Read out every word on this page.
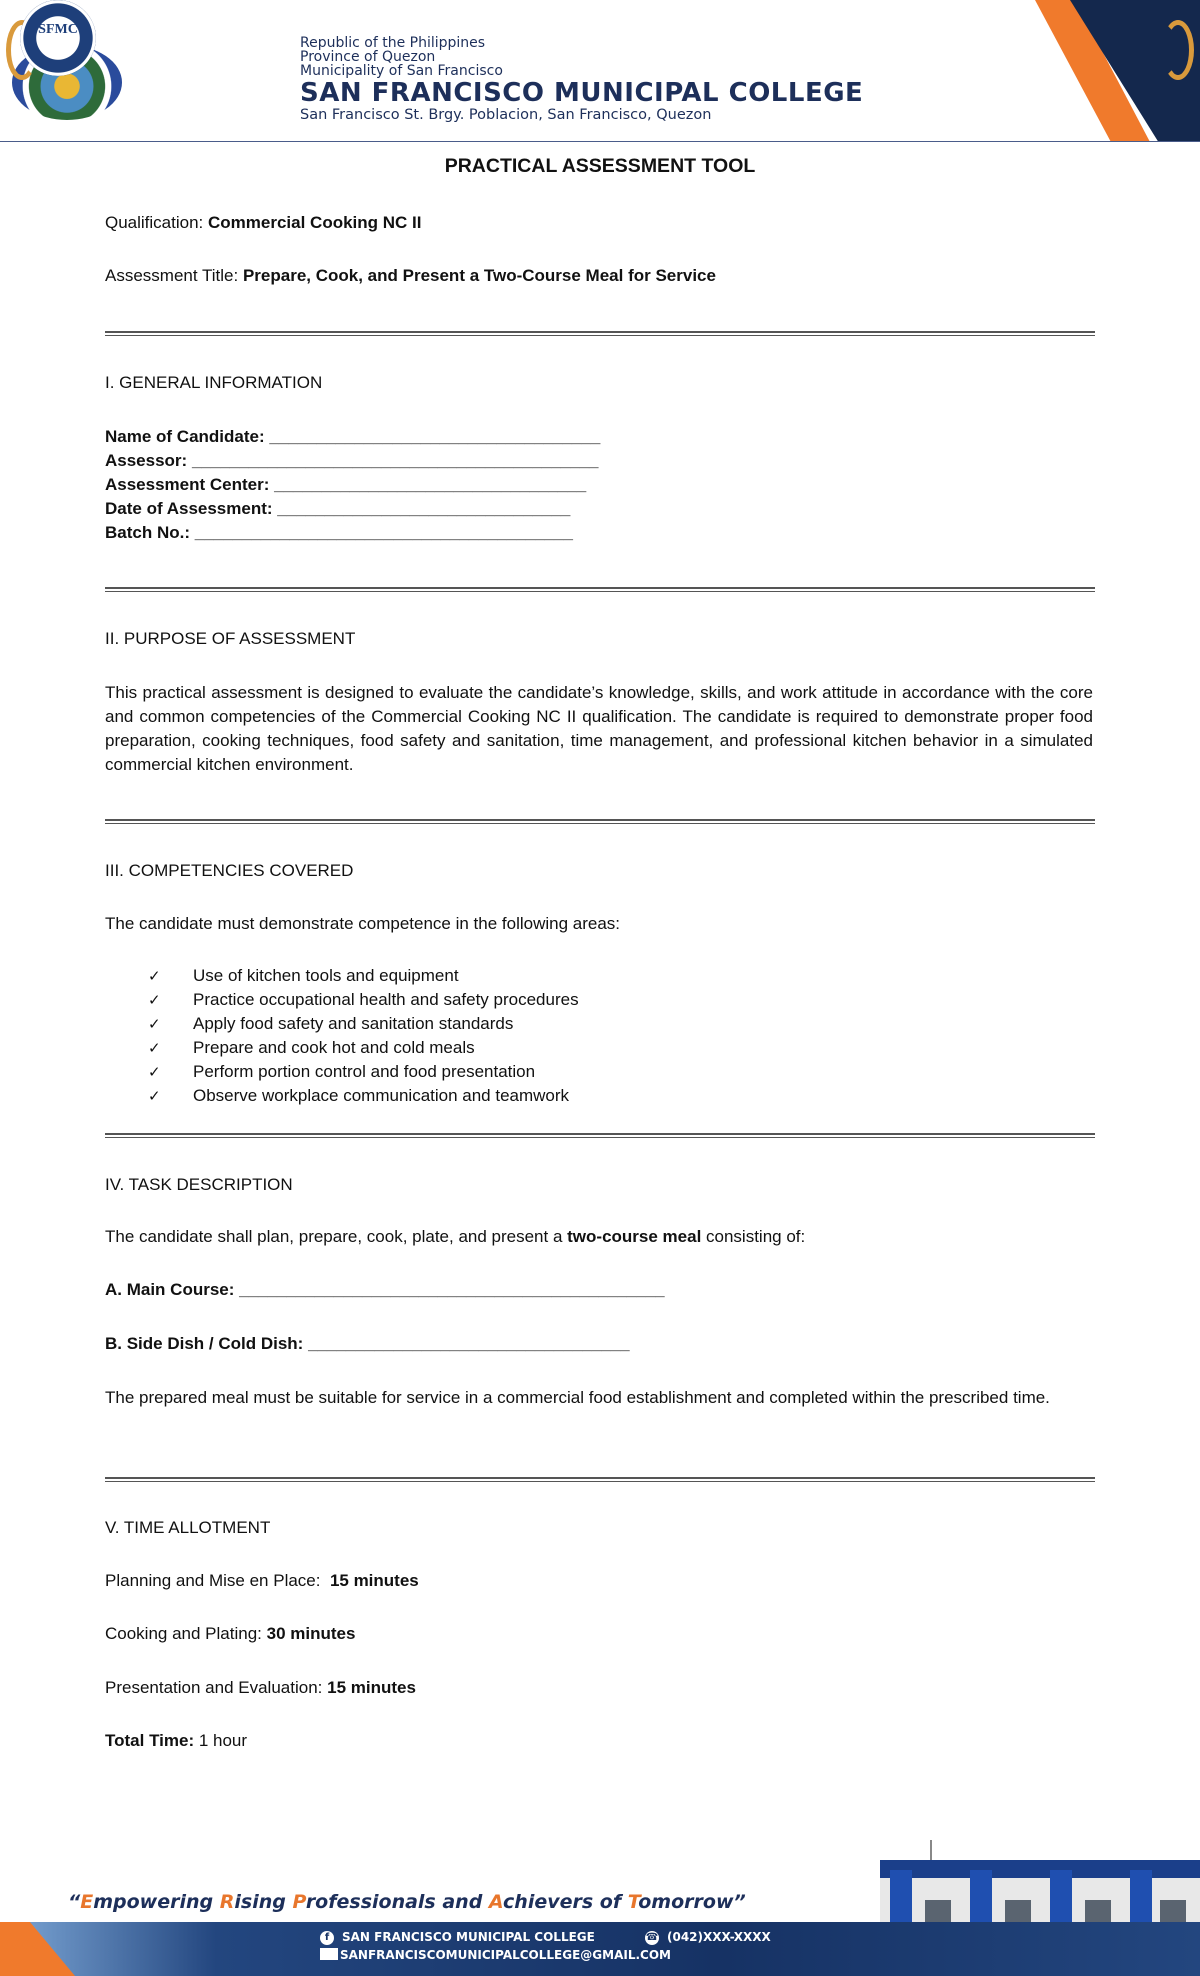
SFMC
Republic of the Philippines
Province of Quezon
Municipality of San Francisco
SAN FRANCISCO MUNICIPAL COLLEGE
San Francisco St. Brgy. Poblacion, San Francisco, Quezon
PRACTICAL ASSESSMENT TOOL
Qualification: Commercial Cooking NC II
Assessment Title: Prepare, Cook, and Present a Two-Course Meal for Service
I. GENERAL INFORMATION
Name of Candidate: ___________________________________
Assessor: ___________________________________________
Assessment Center: _________________________________
Date of Assessment: _______________________________
Batch No.: ________________________________________
II. PURPOSE OF ASSESSMENT
This practical assessment is designed to evaluate the candidate’s knowledge, skills, and work attitude in accordance with the core and common competencies of the Commercial Cooking NC II qualification. The candidate is required to demonstrate proper food preparation, cooking techniques, food safety and sanitation, time management, and professional kitchen behavior in a simulated commercial kitchen environment.
III. COMPETENCIES COVERED
The candidate must demonstrate competence in the following areas:
✓ Use of kitchen tools and equipment
✓ Practice occupational health and safety procedures
✓ Apply food safety and sanitation standards
✓ Prepare and cook hot and cold meals
✓ Perform portion control and food presentation
✓ Observe workplace communication and teamwork
IV. TASK DESCRIPTION
The candidate shall plan, prepare, cook, plate, and present a two-course meal consisting of:
A. Main Course: _____________________________________________
B. Side Dish / Cold Dish: __________________________________
The prepared meal must be suitable for service in a commercial food establishment and completed within the prescribed time.
V. TIME ALLOTMENT
Planning and Mise en Place: 15 minutes
Cooking and Plating: 30 minutes
Presentation and Evaluation: 15 minutes
Total Time: 1 hour
“Empowering Rising Professionals and Achievers of Tomorrow”
f SAN FRANCISCO MUNICIPAL COLLEGE	☎ (042)XXX-XXXX
SANFRANCISCOMUNICIPALCOLLEGE@GMAIL.COM
